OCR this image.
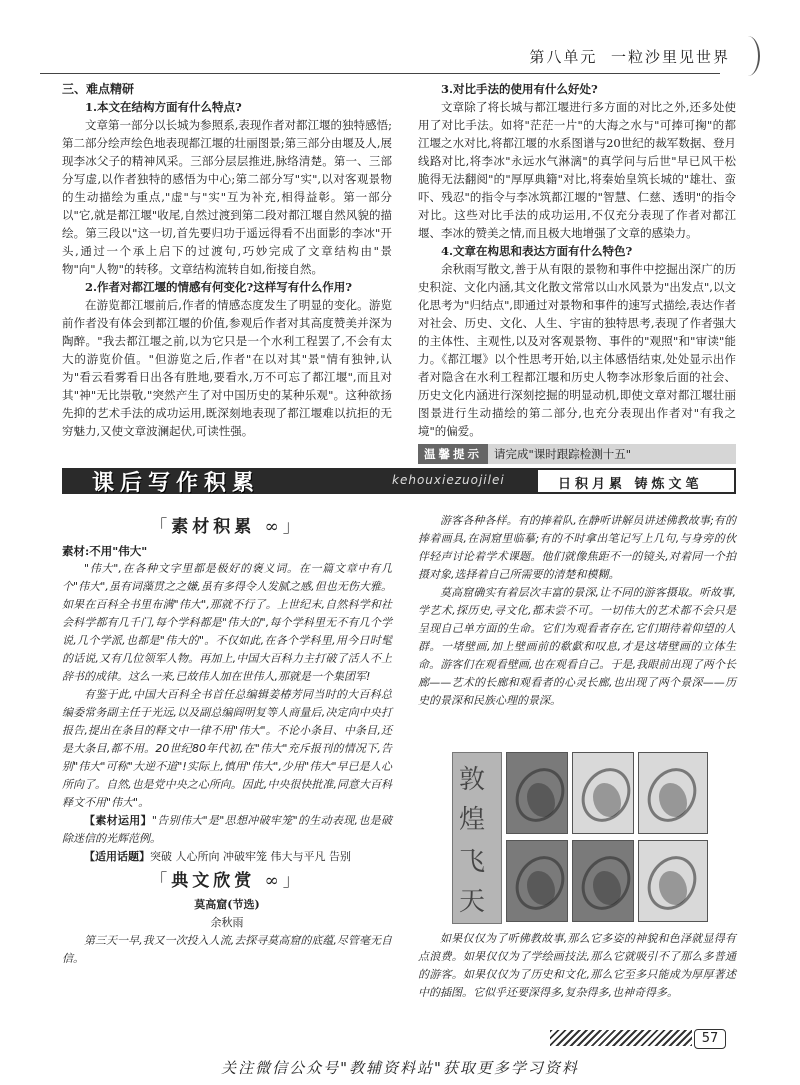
第八单元 一粒沙里见世界
三、难点精研
1.本文在结构方面有什么特点?

文章第一部分以长城为参照系,表现作者对都江堰的独特感悟;第二部分绘声绘色地表现都江堰的壮丽图景;第三部分由堰及人,展现李冰父子的精神风采。三部分层层推进,脉络清楚。第一、三部分写虚,以作者独特的感悟为中心;第二部分写"实",以对客观景物的生动描绘为重点,"虚"与"实"互为补充,相得益彰。第一部分以"它,就是都江堰"收尾,自然过渡到第二段对都江堰自然风貌的描绘。第三段以"这一切,首先要归功于遥远得看不出面影的李冰"开头,通过一个承上启下的过渡句,巧妙完成了文章结构由"景物"向"人物"的转移。文章结构流转自如,衔接自然。

2.作者对都江堰的情感有何变化?这样写有什么作用?

在游览都江堰前后,作者的情感态度发生了明显的变化。游览前作者没有体会到都江堰的价值,参观后作者对其高度赞美并深为陶醉。"我去都江堰之前,以为它只是一个水利工程罢了,不会有太大的游览价值。"但游览之后,作者"在以对其"景"情有独钟,认为"看云看雾看日出各有胜地,要看水,万不可忘了都江堰",而且对其"神"无比崇敬,"突然产生了对中国历史的某种乐观"。这种欲扬先抑的艺术手法的成功运用,既深刻地表现了都江堰难以抗拒的无穷魅力,又使文章波澜起伏,可读性强。

3.对比手法的使用有什么好处?

文章除了将长城与都江堰进行多方面的对比之外,还多处使用了对比手法。如将"茫茫一片"的大海之水与"可捧可掬"的都江堰之水对比,将都江堰的水系图谱与20世纪的裁军数据、登月线路对比,将李冰"永远水气淋漓"的真学问与后世"早已风干松脆得无法翻阅"的"厚厚典籍"对比,将秦始皇筑长城的"雄壮、蛮吓、残忍"的指令与李冰筑都江堰的"智慧、仁慈、透明"的指令对比。这些对比手法的成功运用,不仅充分表现了作者对都江堰、李冰的赞美之情,而且极大地增强了文章的感染力。

4.文章在构思和表达方面有什么特色?

余秋雨写散文,善于从有限的景物和事件中挖掘出深广的历史积淀、文化内涵,其文化散文常常以山水风景为"出发点",以文化思考为"归结点",即通过对景物和事件的速写式描绘,表达作者对社会、历史、文化、人生、宇宙的独特思考,表现了作者强大的主体性、主观性,以及对客观景物、事件的"观照"和"审读"能力。《都江堰》以个性思考开始,以主体感悟结束,处处显示出作者对隐含在水利工程都江堰和历史人物李冰形象后面的社会、历史文化内涵进行深刻挖掘的明显动机,即使文章对都江堰壮丽图景进行生动描绘的第二部分,也充分表现出作者对"有我之境"的偏爱。

温馨提示	请完成"课时跟踪检测十五"
课后写作积累	kehouxiezuojilei	日积月累 铸炼文笔
「素材积累 ∞」
素材:不用"伟大"

"伟大",在各种文字里都是极好的褒义词。在一篇文章中有几个"伟大",虽有词藻贯之之嫌,虽有多得令人发腻之感,但也无伤大雅。如果在百科全书里布满"伟大",那就不行了。上世纪末,自然科学和社会科学都有几千门,每个学科都是"伟大的",每个学科里无不有几个学说,几个学派,也都是"伟大的"。不仅如此,在各个学科里,用今日时髦的话说,又有几位领军人物。再加上,中国大百科力主打破了活人不上辞书的成律。这么一来,已故伟人加在世伟人,那就是一个集团军!

有鉴于此,中国大百科全书首任总编辑姜椿芳同当时的大百科总编委常务副主任于光远,以及副总编阎明复等人商量后,决定向中央打报告,提出在条目的释文中一律不用"伟大"。不论小条目、中条目,还是大条目,都不用。20世纪80年代初,在"伟大"充斥报刊的情况下,告别"伟大"可称"大逆不道"!实际上,慎用"伟大",少用"伟大"早已是人心所向了。自然,也是党中央之心所向。因此,中央很快批准,同意大百科释文不用"伟大"。

【素材运用】"告别伟大"是"思想冲破牢笼"的生动表现,也是破除迷信的光辉范例。

【适用话题】突破 人心所向 冲破牢笼 伟大与平凡 告别

「典文欣赏 ∞」

莫高窟(节选)

余秋雨

第三天一早,我又一次投入人流,去探寻莫高窟的底蕴,尽管毫无自信。

游客各种各样。有的捧着队,在静听讲解员讲述佛教故事;有的捧着画具,在洞窟里临摹;有的不时拿出笔记写上几句,与身旁的伙伴轻声讨论着学术课题。他们就像焦距不一的镜头,对着同一个拍摄对象,选择着自己所需要的清楚和模糊。

莫高窟确实有着层次丰富的景深,让不同的游客摄取。听故事,学艺术,探历史,寻文化,都未尝不可。一切伟大的艺术都不会只是呈现自己单方面的生命。它们为观看者存在,它们期待着仰望的人群。一堵壁画,加上壁画前的欷歔和叹息,才是这堵壁画的立体生命。游客们在观看壁画,也在观看自己。于是,我眼前出现了两个长廊——艺术的长廊和观看者的心灵长廊,也出现了两个景深——历史的景深和民族心理的景深。

敦
煌
飞
天

如果仅仅为了听佛教故事,那么它多姿的神貌和色泽就显得有点浪费。如果仅仅为了学绘画技法,那么它就吸引不了那么多普通的游客。如果仅仅为了历史和文化,那么它至多只能成为厚厚著述中的插图。它似乎还要深得多,复杂得多,也神奇得多。

57
关注微信公众号"教辅资料站"获取更多学习资料
